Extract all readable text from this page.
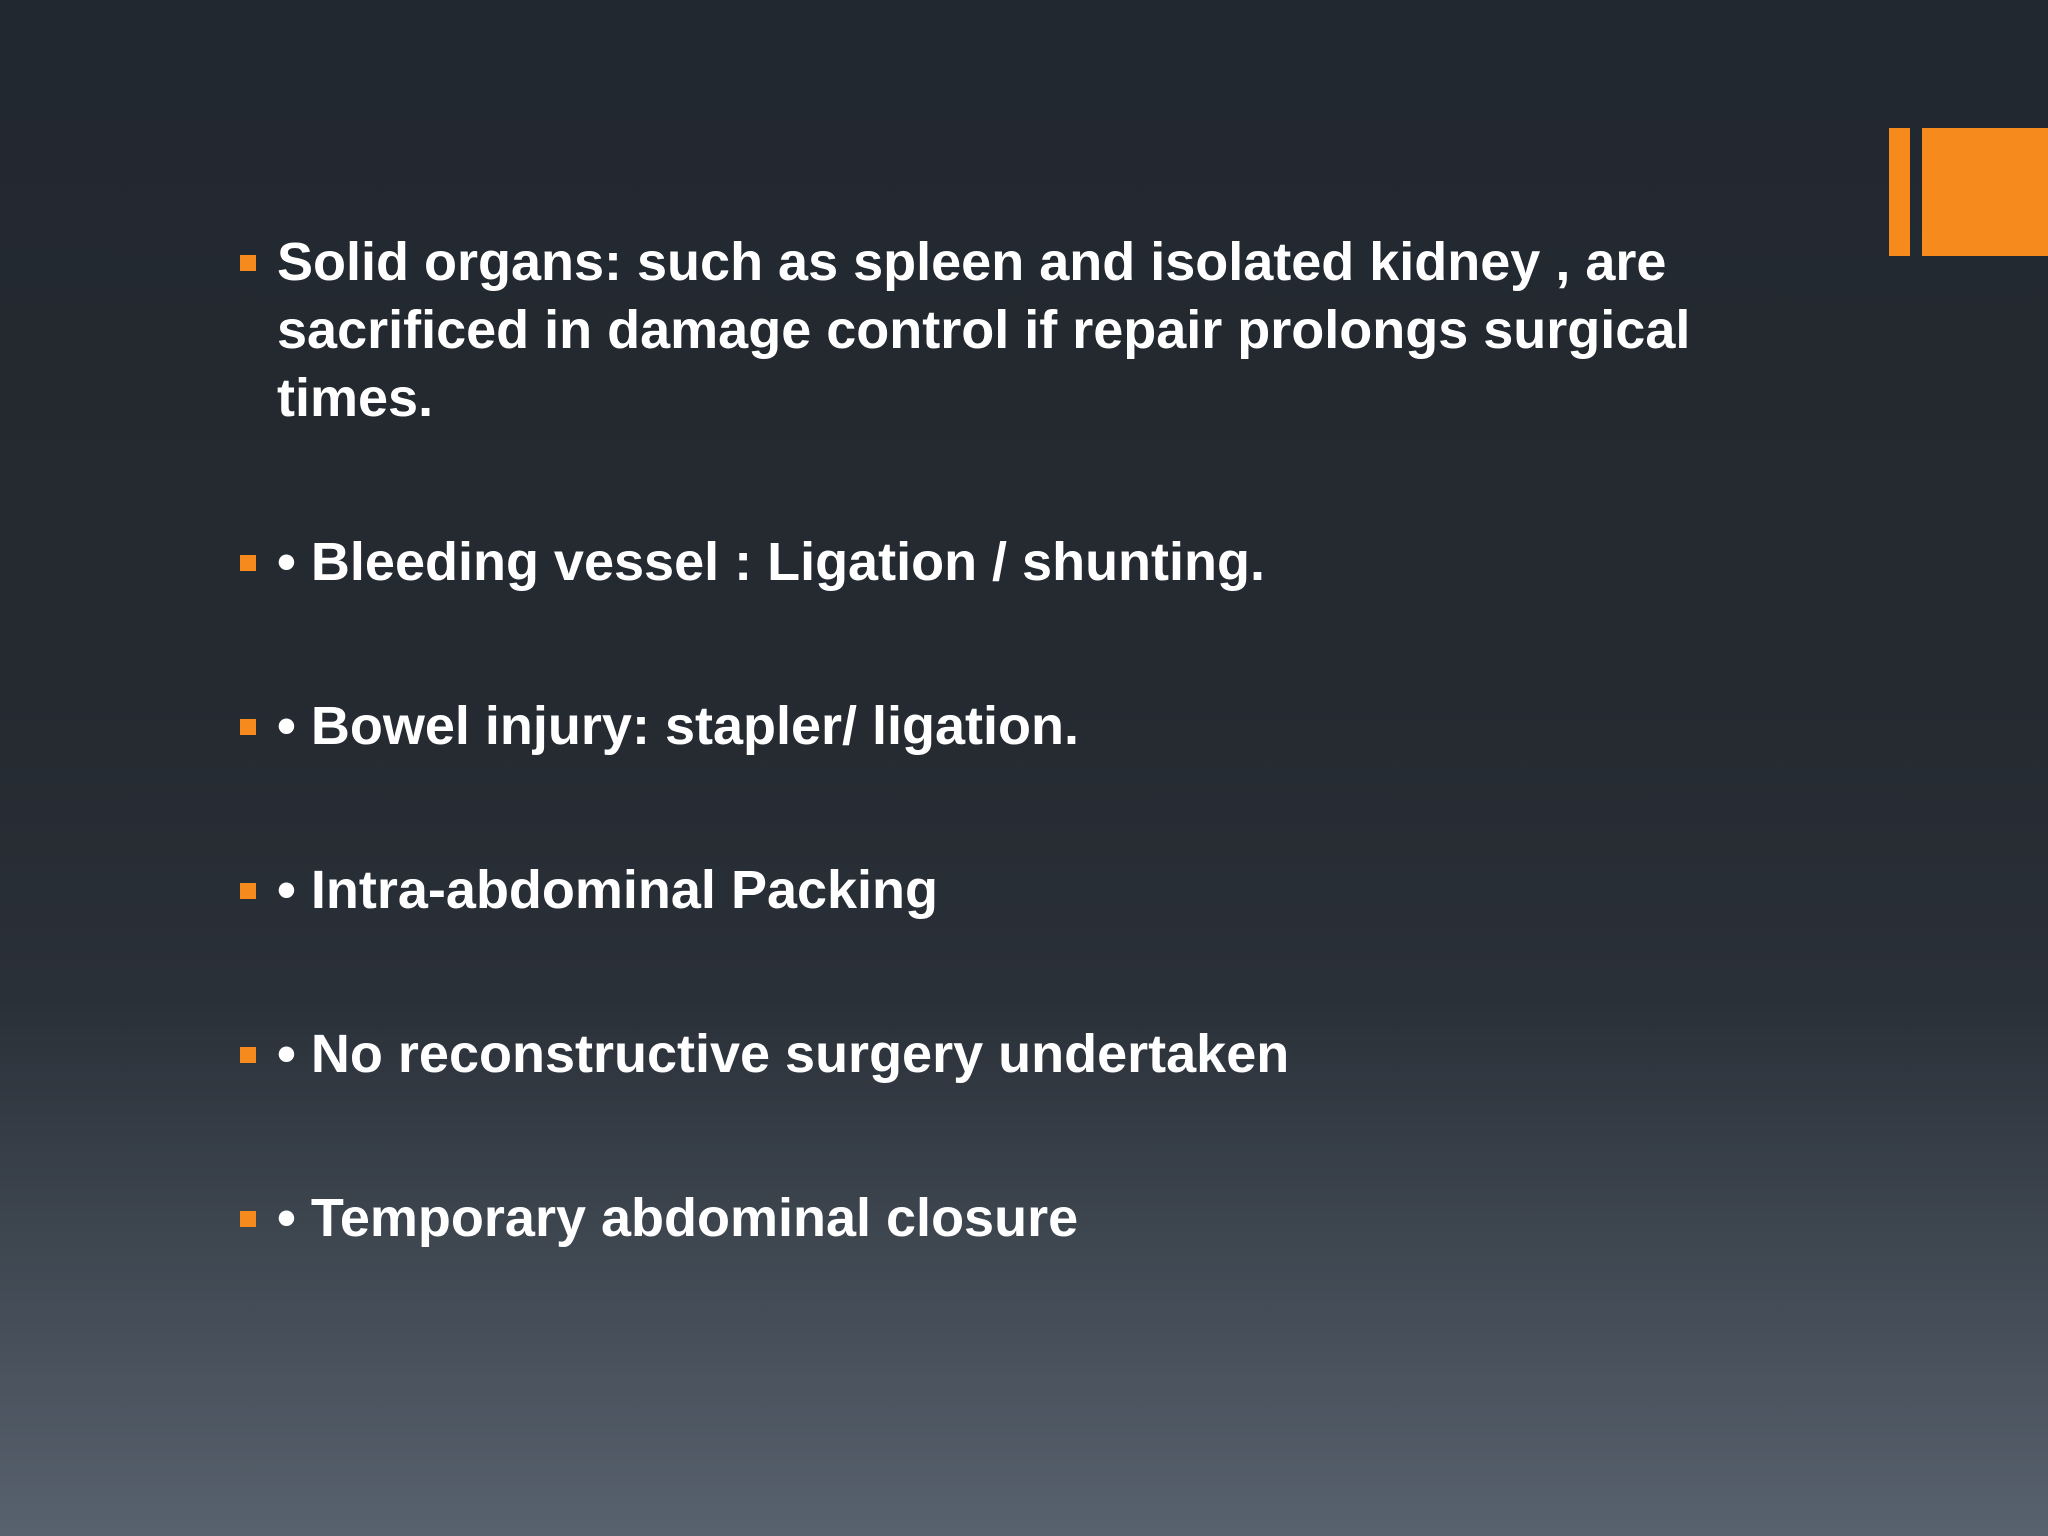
Solid organs: such as spleen and isolated kidney , are sacrificed in damage control if repair prolongs surgical times.
• Bleeding vessel : Ligation / shunting.
• Bowel injury: stapler/ ligation.
• Intra-abdominal Packing
• No reconstructive surgery undertaken
• Temporary abdominal closure
